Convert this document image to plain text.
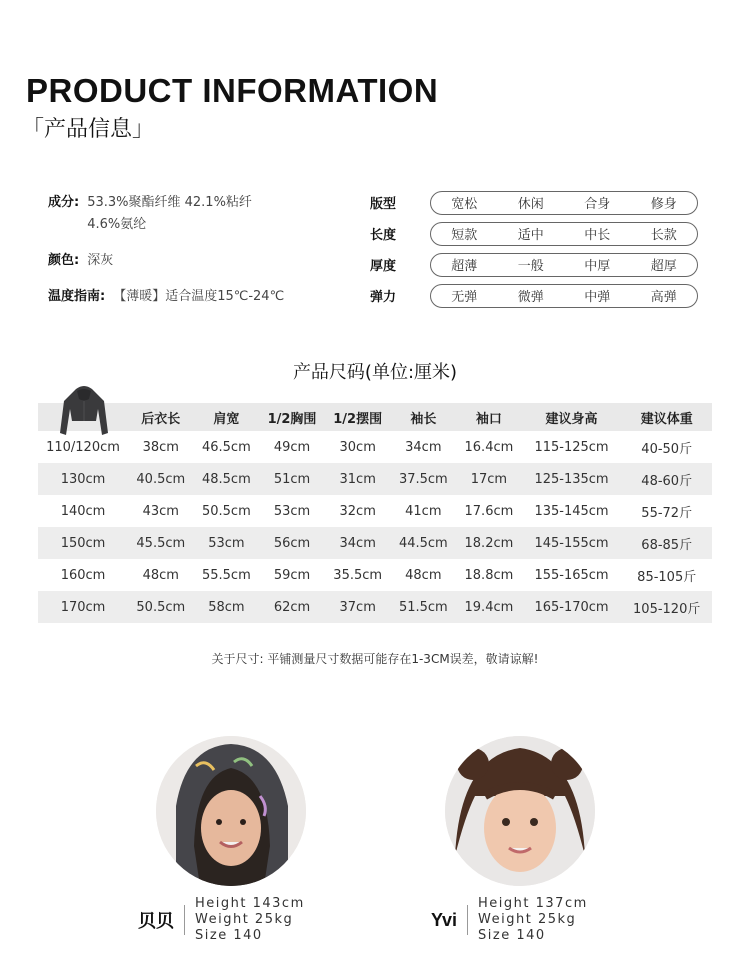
PRODUCT INFORMATION
「产品信息」
成分: 53.3%聚酯纤维 42.1%粘纤
4.6%氨纶
颜色: 深灰
温度指南: 【薄暖】适合温度15℃-24℃
版型	宽松	休闲	合身	修身
长度	短款	适中	中长	长款
厚度	超薄	一般	中厚	超厚
弹力	无弹	微弹	中弹	高弹
产品尺码(单位:厘米)
	后衣长	肩宽	1/2胸围	1/2摆围	袖长	袖口	建议身高	建议体重
110/120cm	38cm	46.5cm	49cm	30cm	34cm	16.4cm	115-125cm	40-50斤
130cm	40.5cm	48.5cm	51cm	31cm	37.5cm	17cm	125-135cm	48-60斤
140cm	43cm	50.5cm	53cm	32cm	41cm	17.6cm	135-145cm	55-72斤
150cm	45.5cm	53cm	56cm	34cm	44.5cm	18.2cm	145-155cm	68-85斤
160cm	48cm	55.5cm	59cm	35.5cm	48cm	18.8cm	155-165cm	85-105斤
170cm	50.5cm	58cm	62cm	37cm	51.5cm	19.4cm	165-170cm	105-120斤
关于尺寸: 平铺测量尺寸数据可能存在1-3CM误差，敬请谅解!
贝贝
Height 143cm
Weight 25kg
Size 140
Yvi
Height 137cm
Weight 25kg
Size 140
